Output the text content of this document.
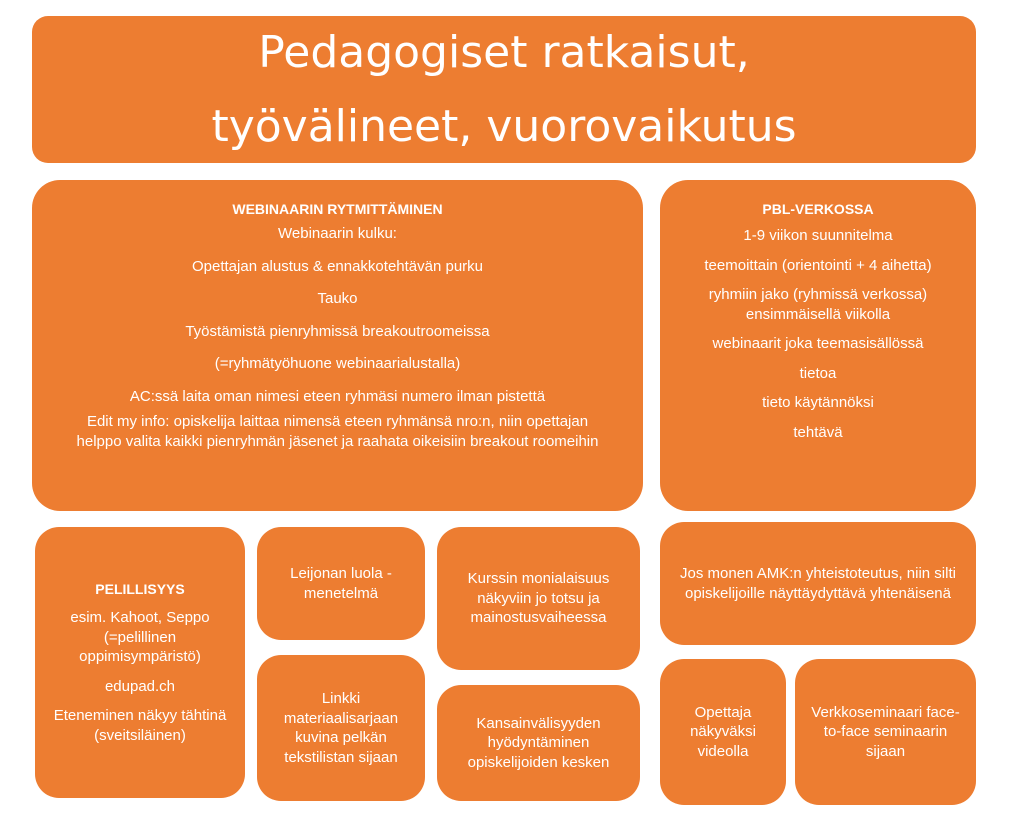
Pedagogiset ratkaisut,

työvälineet, vuorovaikutus

WEBINAARIN RYTMITTÄMINEN

Webinaarin kulku:

Opettajan alustus & ennakkotehtävän purku

Tauko

Työstämistä pienryhmissä breakoutroomeissa

(=ryhmätyöhuone webinaarialustalla)

AC:ssä laita oman nimesi eteen ryhmäsi numero ilman pistettä

Edit my info: opiskelija laittaa nimensä eteen ryhmänsä nro:n, niin opettajan helppo valita kaikki pienryhmän jäsenet ja raahata oikeisiin breakout roomeihin

PBL-VERKOSSA

1-9 viikon suunnitelma

teemoittain (orientointi + 4 aihetta)

ryhmiin jako (ryhmissä verkossa) ensimmäisellä viikolla

webinaarit joka teemasisällössä

tietoa

tieto käytännöksi

tehtävä

PELILLISYYS

esim. Kahoot, Seppo (=pelillinen oppimisympäristö)

edupad.ch

Eteneminen näkyy tähtinä (sveitsiläinen)

Leijonan luola -menetelmä

Linkki materiaalisarjaan kuvina pelkän tekstilistan sijaan

Kurssin monialaisuus näkyviin jo totsu ja mainostusvaiheessa

Kansainvälisyyden hyödyntäminen opiskelijoiden kesken

Jos monen AMK:n yhteistoteutus, niin silti opiskelijoille näyttäydyttävä yhtenäisenä

Opettaja näkyväksi videolla

Verkkoseminaari face-to-face seminaarin sijaan
